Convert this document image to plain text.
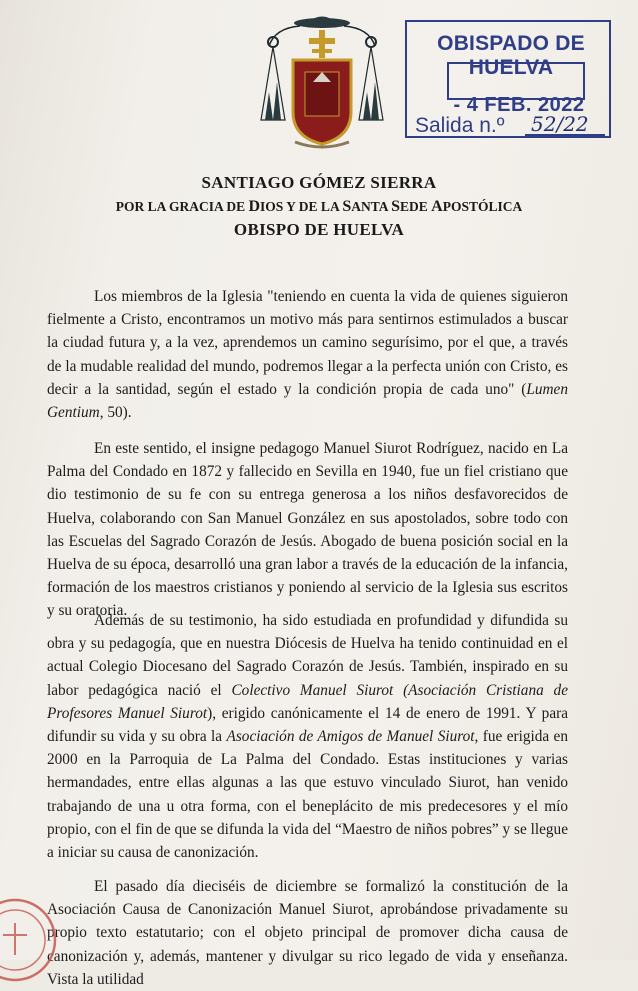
OBISPADO DE HUELVA
- 4 FEB. 2022
Salida n.º 52/22
SANTIAGO GÓMEZ SIERRA
POR LA GRACIA DE DIOS Y DE LA SANTA SEDE APOSTÓLICA
OBISPO DE HUELVA

Los miembros de la Iglesia "teniendo en cuenta la vida de quienes siguieron fielmente a Cristo, encontramos un motivo más para sentirnos estimulados a buscar la ciudad futura y, a la vez, aprendemos un camino segurísimo, por el que, a través de la mudable realidad del mundo, podremos llegar a la perfecta unión con Cristo, es decir a la santidad, según el estado y la condición propia de cada uno" (Lumen Gentium, 50).

En este sentido, el insigne pedagogo Manuel Siurot Rodríguez, nacido en La Palma del Condado en 1872 y fallecido en Sevilla en 1940, fue un fiel cristiano que dio testimonio de su fe con su entrega generosa a los niños desfavorecidos de Huelva, colaborando con San Manuel González en sus apostolados, sobre todo con las Escuelas del Sagrado Corazón de Jesús. Abogado de buena posición social en la Huelva de su época, desarrolló una gran labor a través de la educación de la infancia, formación de los maestros cristianos y poniendo al servicio de la Iglesia sus escritos y su oratoria.

Además de su testimonio, ha sido estudiada en profundidad y difundida su obra y su pedagogía, que en nuestra Diócesis de Huelva ha tenido continuidad en el actual Colegio Diocesano del Sagrado Corazón de Jesús. También, inspirado en su labor pedagógica nació el Colectivo Manuel Siurot (Asociación Cristiana de Profesores Manuel Siurot), erigido canónicamente el 14 de enero de 1991. Y para difundir su vida y su obra la Asociación de Amigos de Manuel Siurot, fue erigida en 2000 en la Parroquia de La Palma del Condado. Estas instituciones y varias hermandades, entre ellas algunas a las que estuvo vinculado Siurot, han venido trabajando de una u otra forma, con el beneplácito de mis predecesores y el mío propio, con el fin de que se difunda la vida del “Maestro de niños pobres” y se llegue a iniciar su causa de canonización.

El pasado día dieciséis de diciembre se formalizó la constitución de la Asociación Causa de Canonización Manuel Siurot, aprobándose privadamente su propio texto estatutario; con el objeto principal de promover dicha causa de canonización y, además, mantener y divulgar su rico legado de vida y enseñanza. Vista la utilidad
